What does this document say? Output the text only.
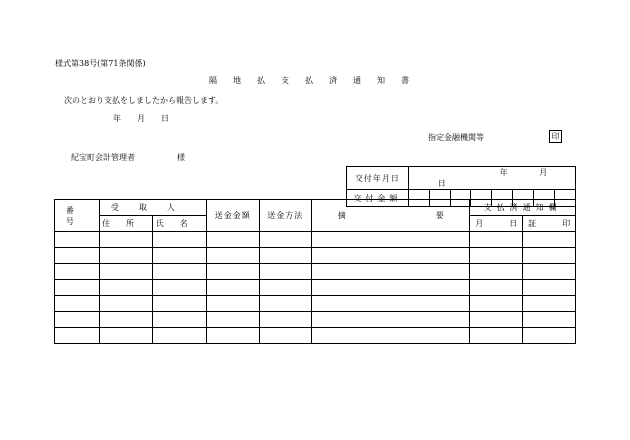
様式第38号(第71条関係)
隔地払支払済通知書
次のとおり支払をしましたから報告します。
年 月 日
指定金融機関等	印
紀宝町会計管理者	様
交付年月日	年 月 日							
交付金額								
番号	受取人		送金金額	送金方法	摘 要	支払済通知欄	
	住所	氏名				月 日	証 印
